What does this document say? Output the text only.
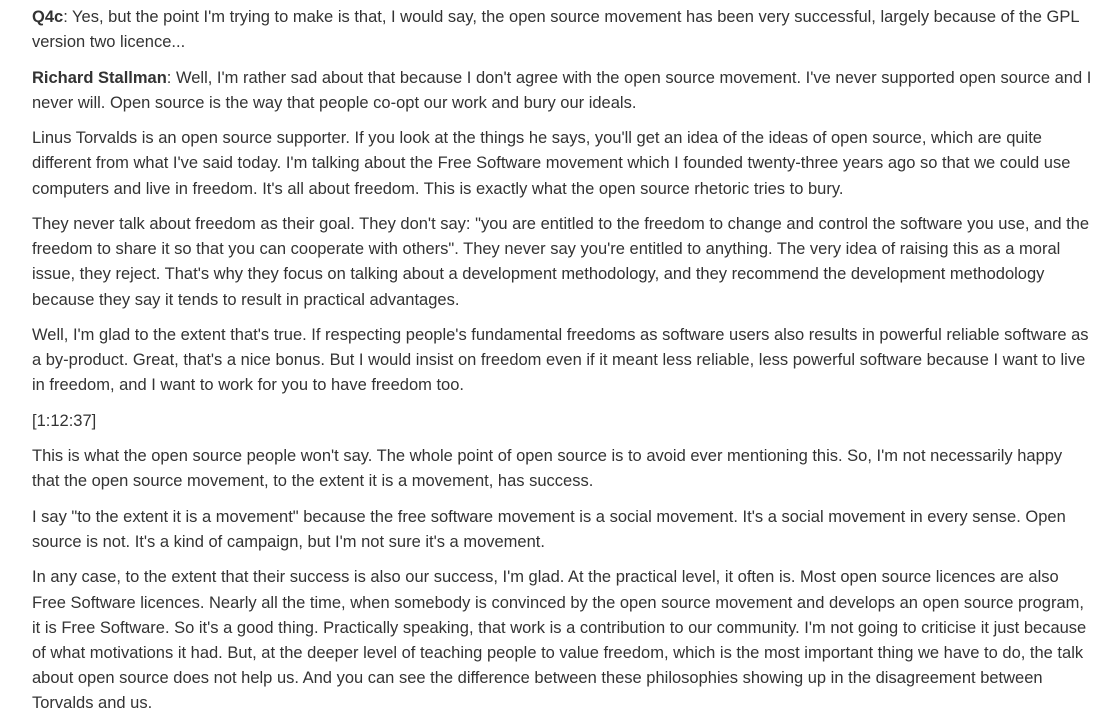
Q4c: Yes, but the point I'm trying to make is that, I would say, the open source movement has been very successful, largely because of the GPL version two licence...

Richard Stallman: Well, I'm rather sad about that because I don't agree with the open source movement. I've never supported open source and I never will. Open source is the way that people co-opt our work and bury our ideals.

Linus Torvalds is an open source supporter. If you look at the things he says, you'll get an idea of the ideas of open source, which are quite different from what I've said today. I'm talking about the Free Software movement which I founded twenty-three years ago so that we could use computers and live in freedom. It's all about freedom. This is exactly what the open source rhetoric tries to bury.

They never talk about freedom as their goal. They don't say: "you are entitled to the freedom to change and control the software you use, and the freedom to share it so that you can cooperate with others". They never say you're entitled to anything. The very idea of raising this as a moral issue, they reject. That's why they focus on talking about a development methodology, and they recommend the development methodology because they say it tends to result in practical advantages.

Well, I'm glad to the extent that's true. If respecting people's fundamental freedoms as software users also results in powerful reliable software as a by-product. Great, that's a nice bonus. But I would insist on freedom even if it meant less reliable, less powerful software because I want to live in freedom, and I want to work for you to have freedom too.

[1:12:37]

This is what the open source people won't say. The whole point of open source is to avoid ever mentioning this. So, I'm not necessarily happy that the open source movement, to the extent it is a movement, has success.

I say "to the extent it is a movement" because the free software movement is a social movement. It's a social movement in every sense. Open source is not. It's a kind of campaign, but I'm not sure it's a movement.

In any case, to the extent that their success is also our success, I'm glad. At the practical level, it often is. Most open source licences are also Free Software licences. Nearly all the time, when somebody is convinced by the open source movement and develops an open source program, it is Free Software. So it's a good thing. Practically speaking, that work is a contribution to our community. I'm not going to criticise it just because of what motivations it had. But, at the deeper level of teaching people to value freedom, which is the most important thing we have to do, the talk about open source does not help us. And you can see the difference between these philosophies showing up in the disagreement between Torvalds and us.
